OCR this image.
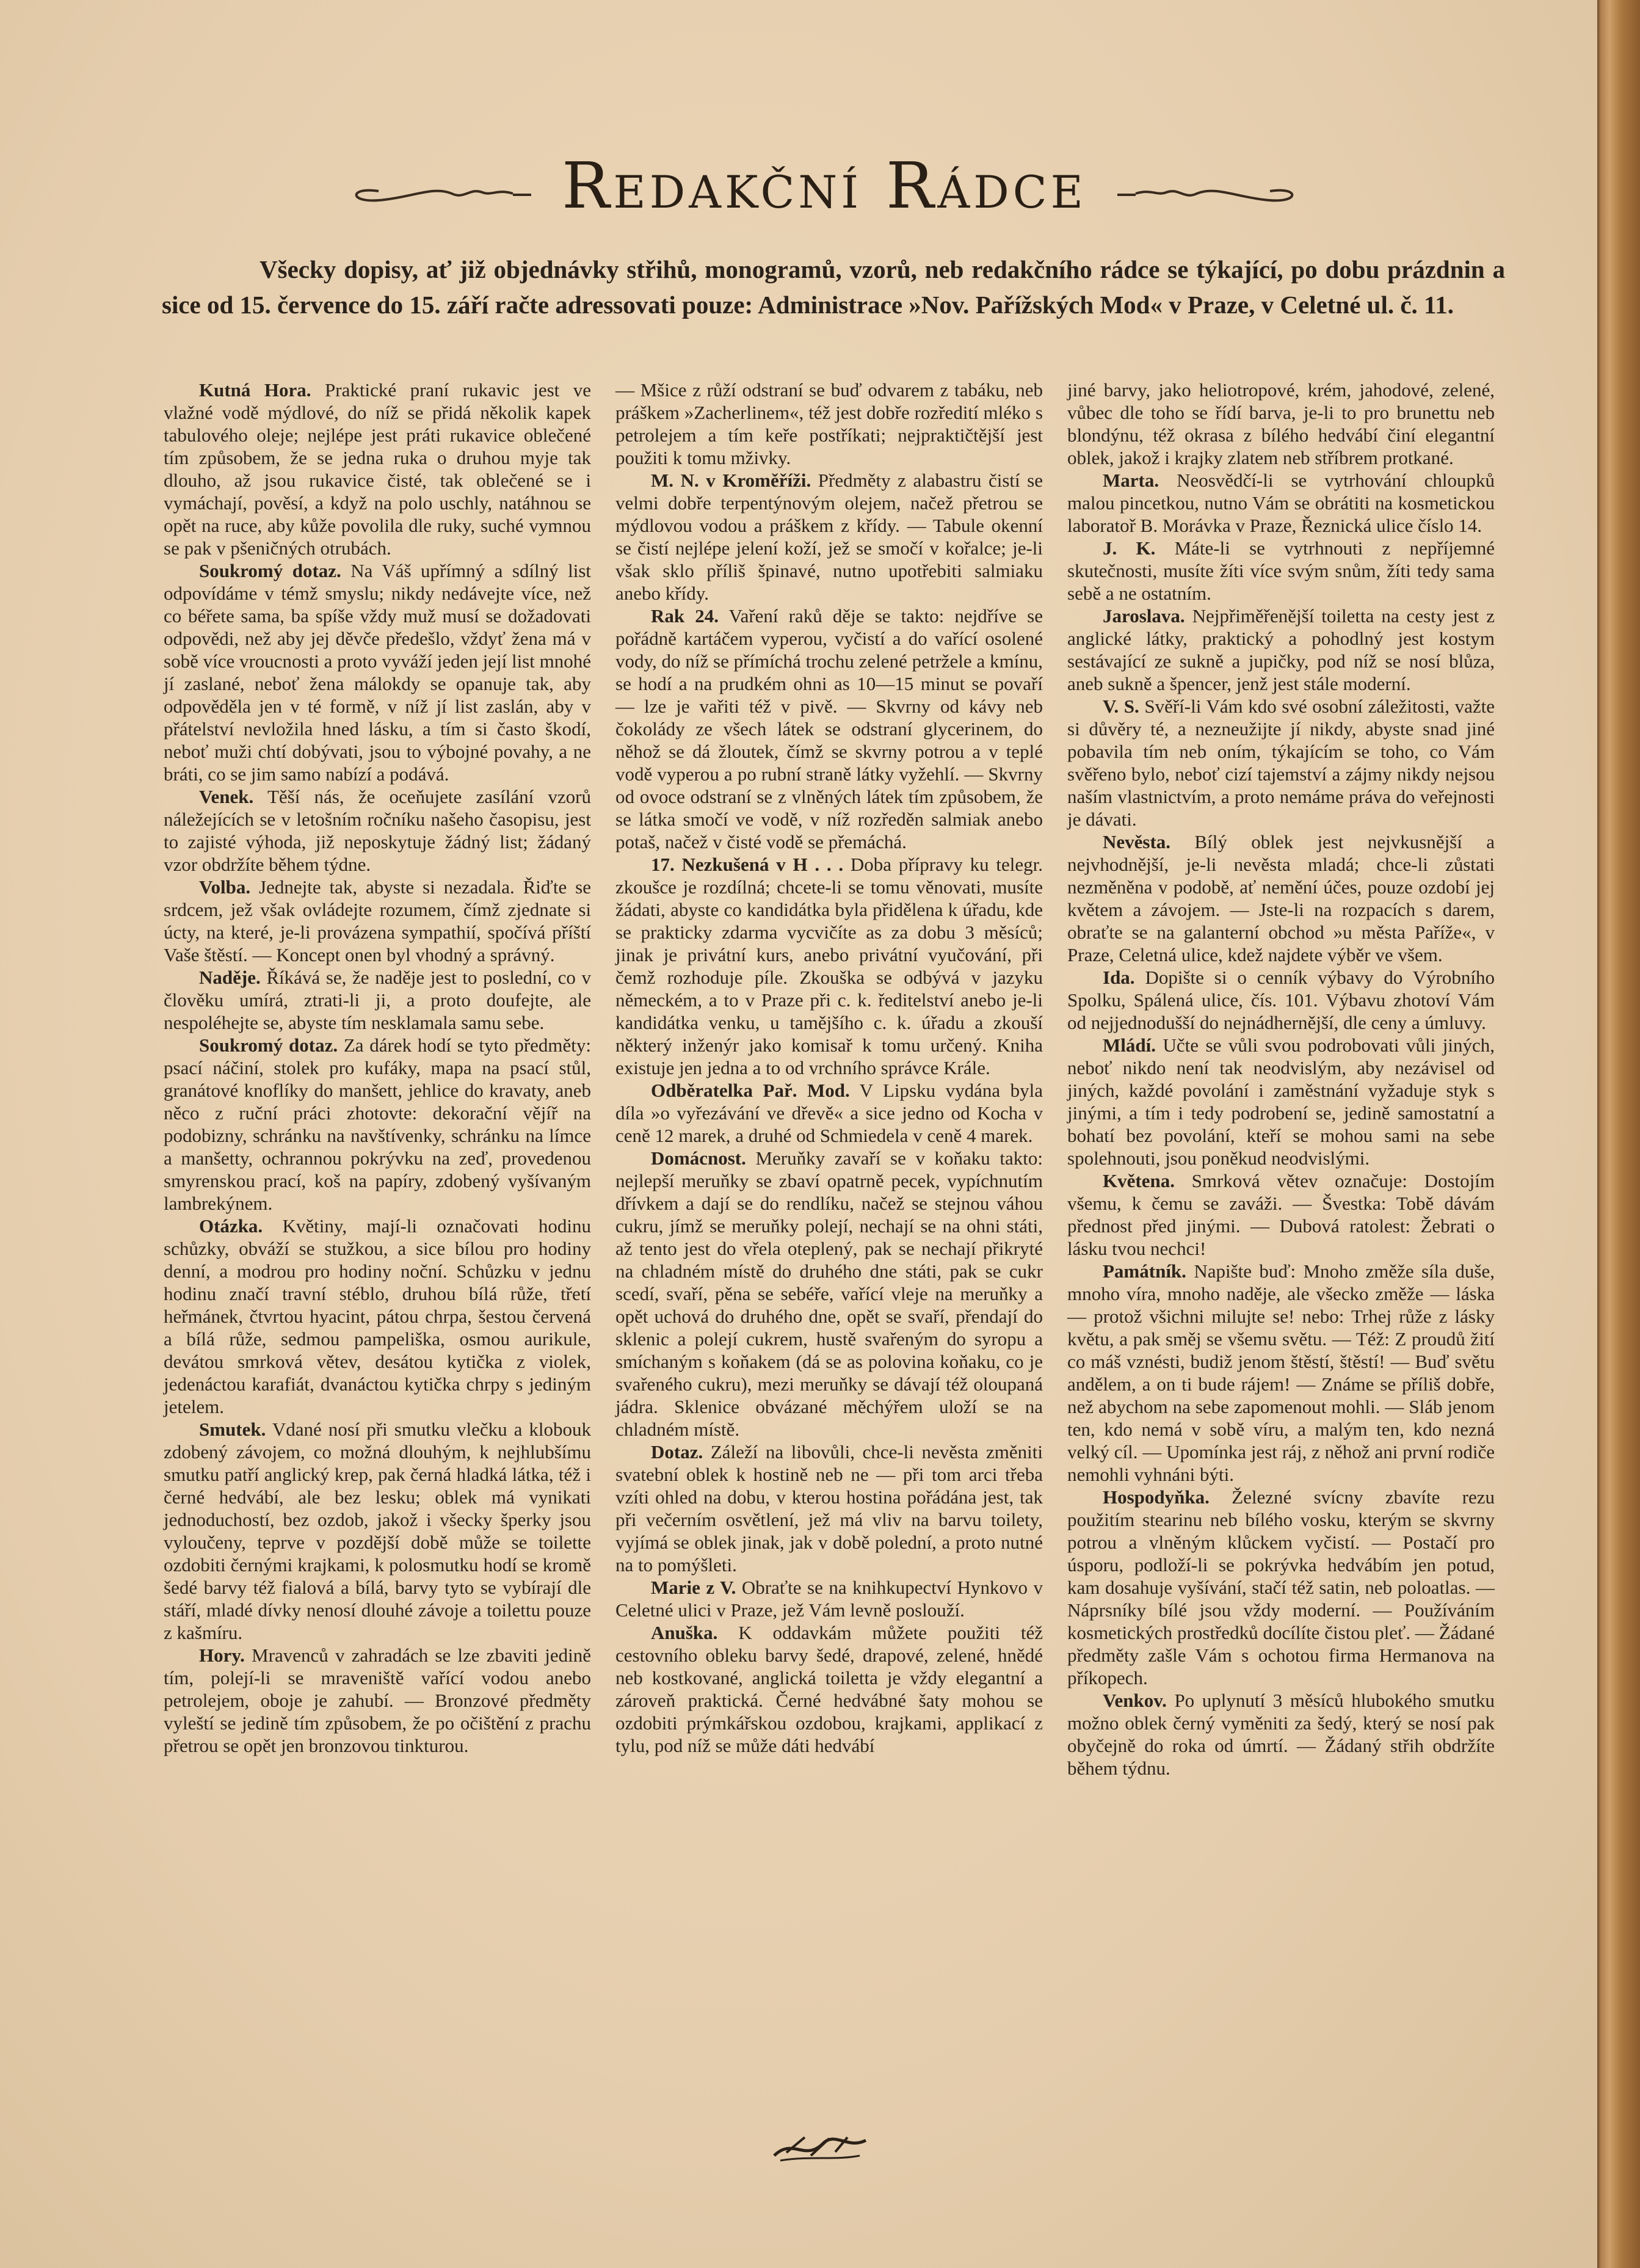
Redakční Rádce
Všecky dopisy, ať již objednávky střihů, monogramů, vzorů, neb redakčního rádce se týkající, po dobu prázdnin a sice od 15. července do 15. září račte adressovati pouze: Administrace »Nov. Pařížských Mod« v Praze, v Celetné ul. č. 11.

Kutná Hora. Praktické praní rukavic jest ve vlažné vodě mýdlové, do níž se přidá několik kapek tabulového oleje; nejlépe jest práti rukavice oblečené tím způsobem, že se jedna ruka o druhou myje tak dlouho, až jsou rukavice čisté, tak oblečené se i vymáchají, pověsí, a když na polo uschly, natáhnou se opět na ruce, aby kůže povolila dle ruky, suché vymnou se pak v pšeničných otrubách.

Soukromý dotaz. Na Váš upřímný a sdílný list odpovídáme v témž smyslu; nikdy nedávejte více, než co béřete sama, ba spíše vždy muž musí se dožadovati odpovědi, než aby jej děvče předešlo, vždyť žena má v sobě více vroucnosti a proto vyváží jeden její list mnohé jí zaslané, neboť žena málokdy se opanuje tak, aby odpověděla jen v té formě, v níž jí list zaslán, aby v přátelství nevložila hned lásku, a tím si často škodí, neboť muži chtí dobývati, jsou to výbojné povahy, a ne bráti, co se jim samo nabízí a podává.

Venek. Těší nás, že oceňujete zasílání vzorů náležejících se v letošním ročníku našeho časopisu, jest to zajisté výhoda, již neposkytuje žádný list; žádaný vzor obdržíte během týdne.

Volba. Jednejte tak, abyste si nezadala. Řiďte se srdcem, jež však ovládejte rozumem, čímž zjednate si úcty, na které, je-li provázena sympathií, spočívá příští Vaše štěstí. — Koncept onen byl vhodný a správný.

Naděje. Říkává se, že naděje jest to poslední, co v člověku umírá, ztrati-li ji, a proto doufejte, ale nespoléhejte se, abyste tím nesklamala samu sebe.

Soukromý dotaz. Za dárek hodí se tyto předměty: psací náčiní, stolek pro kufáky, mapa na psací stůl, granátové knoflíky do manšett, jehlice do kravaty, aneb něco z ruční práci zhotovte: dekorační vějíř na podobizny, schránku na navštívenky, schránku na límce a manšetty, ochrannou pokrývku na zeď, provedenou smyrenskou prací, koš na papíry, zdobený vyšívaným lambrekýnem.

Otázka. Květiny, mají-li označovati hodinu schůzky, obváží se stužkou, a sice bílou pro hodiny denní, a modrou pro hodiny noční. Schůzku v jednu hodinu značí travní stéblo, druhou bílá růže, třetí heřmánek, čtvrtou hyacint, pátou chrpa, šestou červená a bílá růže, sedmou pampeliška, osmou aurikule, devátou smrková větev, desátou kytička z violek, jedenáctou karafiát, dvanáctou kytička chrpy s jediným jetelem.

Smutek. Vdané nosí při smutku vlečku a klobouk zdobený závojem, co možná dlouhým, k nejhlubšímu smutku patří anglický krep, pak černá hladká látka, též i černé hedvábí, ale bez lesku; oblek má vynikati jednoduchostí, bez ozdob, jakož i všecky šperky jsou vyloučeny, teprve v pozdější době může se toilette ozdobiti černými krajkami, k polosmutku hodí se kromě šedé barvy též fialová a bílá, barvy tyto se vybírají dle stáří, mladé dívky nenosí dlouhé závoje a toilettu pouze z kašmíru.

Hory. Mravenců v zahradách se lze zbaviti jedině tím, polejí-li se mraveniště vařící vodou anebo petrolejem, oboje je zahubí. — Bronzové předměty vyleští se jedině tím způsobem, že po očištění z prachu přetrou se opět jen bronzovou tinkturou.

— Mšice z růží odstraní se buď odvarem z tabáku, neb práškem »Zacherlinem«, též jest dobře rozředití mléko s petrolejem a tím keře postříkati; nejpraktičtější jest použiti k tomu mživky.

M. N. v Kroměříži. Předměty z alabastru čistí se velmi dobře terpentýnovým olejem, načež přetrou se mýdlovou vodou a práškem z křídy. — Tabule okenní se čistí nejlépe jelení koží, jež se smočí v kořalce; je-li však sklo příliš špinavé, nutno upotřebiti salmiaku anebo křídy.

Rak 24. Vaření raků děje se takto: nejdříve se pořádně kartáčem vyperou, vyčistí a do vařící osolené vody, do níž se přímíchá trochu zelené petržele a kmínu, se hodí a na prudkém ohni as 10—15 minut se povaří — lze je vařiti též v pivě. — Skvrny od kávy neb čokolády ze všech látek se odstraní glycerinem, do něhož se dá žloutek, čímž se skvrny potrou a v teplé vodě vyperou a po rubní straně látky vyžehlí. — Skvrny od ovoce odstraní se z vlněných látek tím způsobem, že se látka smočí ve vodě, v níž rozředěn salmiak anebo potaš, načež v čisté vodě se přemáchá.

17. Nezkušená v H . . . Doba přípravy ku telegr. zkoušce je rozdílná; chcete-li se tomu věnovati, musíte žádati, abyste co kandidátka byla přidělena k úřadu, kde se prakticky zdarma vycvičíte as za dobu 3 měsíců; jinak je privátní kurs, anebo privátní vyučování, při čemž rozhoduje píle. Zkouška se odbývá v jazyku německém, a to v Praze při c. k. ředitelství anebo je-li kandidátka venku, u tamějšího c. k. úřadu a zkouší některý inženýr jako komisař k tomu určený. Kniha existuje jen jedna a to od vrchního správce Krále.

Odběratelka Pař. Mod. V Lipsku vydána byla díla »o vyřezávání ve dřevě« a sice jedno od Kocha v ceně 12 marek, a druhé od Schmiedela v ceně 4 marek.

Domácnost. Meruňky zavaří se v koňaku takto: nejlepší meruňky se zbaví opatrně pecek, vypíchnutím dřívkem a dají se do rendlíku, načež se stejnou váhou cukru, jímž se meruňky polejí, nechají se na ohni státi, až tento jest do vřela oteplený, pak se nechají přikryté na chladném místě do druhého dne státi, pak se cukr scedí, svaří, pěna se sebéře, vařící vleje na meruňky a opět uchová do druhého dne, opět se svaří, přendají do sklenic a polejí cukrem, hustě svařeným do syropu a smíchaným s koňakem (dá se as polovina koňaku, co je svařeného cukru), mezi meruňky se dávají též oloupaná jádra. Sklenice obvázané měchýřem uloží se na chladném místě.

Dotaz. Záleží na libovůli, chce-li nevěsta změniti svatební oblek k hostině neb ne — při tom arci třeba vzíti ohled na dobu, v kterou hostina pořádána jest, tak při večerním osvětlení, jež má vliv na barvu toilety, vyjímá se oblek jinak, jak v době polední, a proto nutné na to pomýšleti.

Marie z V. Obraťte se na knihkupectví Hynkovo v Celetné ulici v Praze, jež Vám levně poslouží.

Anuška. K oddavkám můžete použiti též cestovního obleku barvy šedé, drapové, zelené, hnědé neb kostkované, anglická toiletta je vždy elegantní a zároveň praktická. Černé hedvábné šaty mohou se ozdobiti prýmkářskou ozdobou, krajkami, applikací z tylu, pod níž se může dáti hedvábí

jiné barvy, jako heliotropové, krém, jahodové, zelené, vůbec dle toho se řídí barva, je-li to pro brunettu neb blondýnu, též okrasa z bílého hedvábí činí elegantní oblek, jakož i krajky zlatem neb stříbrem protkané.

Marta. Neosvědčí-li se vytrhování chloupků malou pincetkou, nutno Vám se obrátiti na kosmetickou laboratoř B. Morávka v Praze, Řeznická ulice číslo 14.

J. K. Máte-li se vytrhnouti z nepříjemné skutečnosti, musíte žíti více svým snům, žíti tedy sama sebě a ne ostatním.

Jaroslava. Nejpřiměřenější toiletta na cesty jest z anglické látky, praktický a pohodlný jest kostym sestávající ze sukně a jupičky, pod níž se nosí blůza, aneb sukně a špencer, jenž jest stále moderní.

V. S. Svěří-li Vám kdo své osobní záležitosti, važte si důvěry té, a nezneužijte jí nikdy, abyste snad jiné pobavila tím neb oním, týkajícím se toho, co Vám svěřeno bylo, neboť cizí tajemství a zájmy nikdy nejsou naším vlastnictvím, a proto nemáme práva do veřejnosti je dávati.

Nevěsta. Bílý oblek jest nejvkusnější a nejvhodnější, je-li nevěsta mladá; chce-li zůstati nezměněna v podobě, ať nemění účes, pouze ozdobí jej květem a závojem. — Jste-li na rozpacích s darem, obraťte se na galanterní obchod »u města Paříže«, v Praze, Celetná ulice, kdež najdete výběr ve všem.

Ida. Dopište si o cenník výbavy do Výrobního Spolku, Spálená ulice, čís. 101. Výbavu zhotoví Vám od nejjednodušší do nejnádhernější, dle ceny a úmluvy.

Mládí. Učte se vůli svou podrobovati vůli jiných, neboť nikdo není tak neodvislým, aby nezávisel od jiných, každé povolání i zaměstnání vyžaduje styk s jinými, a tím i tedy podrobení se, jedině samostatní a bohatí bez povolání, kteří se mohou sami na sebe spolehnouti, jsou poněkud neodvislými.

Květena. Smrková větev označuje: Dostojím všemu, k čemu se zaváži. — Švestka: Tobě dávám přednost před jinými. — Dubová ratolest: Žebrati o lásku tvou nechci!

Památník. Napište buď: Mnoho změže síla duše, mnoho víra, mnoho naděje, ale všecko změže — láska — protož všichni milujte se! nebo: Trhej růže z lásky květu, a pak směj se všemu světu. — Též: Z proudů žití co máš vznésti, budiž jenom štěstí, štěstí! — Buď světu andělem, a on ti bude rájem! — Známe se příliš dobře, než abychom na sebe zapomenout mohli. — Sláb jenom ten, kdo nemá v sobě víru, a malým ten, kdo nezná velký cíl. — Upomínka jest ráj, z něhož ani první rodiče nemohli vyhnáni býti.

Hospodyňka. Železné svícny zbavíte rezu použitím stearinu neb bílého vosku, kterým se skvrny potrou a vlněným klůckem vyčistí. — Postačí pro úsporu, podloží-li se pokrývka hedvábím jen potud, kam dosahuje vyšívání, stačí též satin, neb poloatlas. — Náprsníky bílé jsou vždy moderní. — Používáním kosmetických prostředků docílíte čistou pleť. — Žádané předměty zašle Vám s ochotou firma Hermanova na příkopech.

Venkov. Po uplynutí 3 měsíců hlubokého smutku možno oblek černý vyměniti za šedý, který se nosí pak obyčejně do roka od úmrtí. — Žádaný střih obdržíte během týdnu.
